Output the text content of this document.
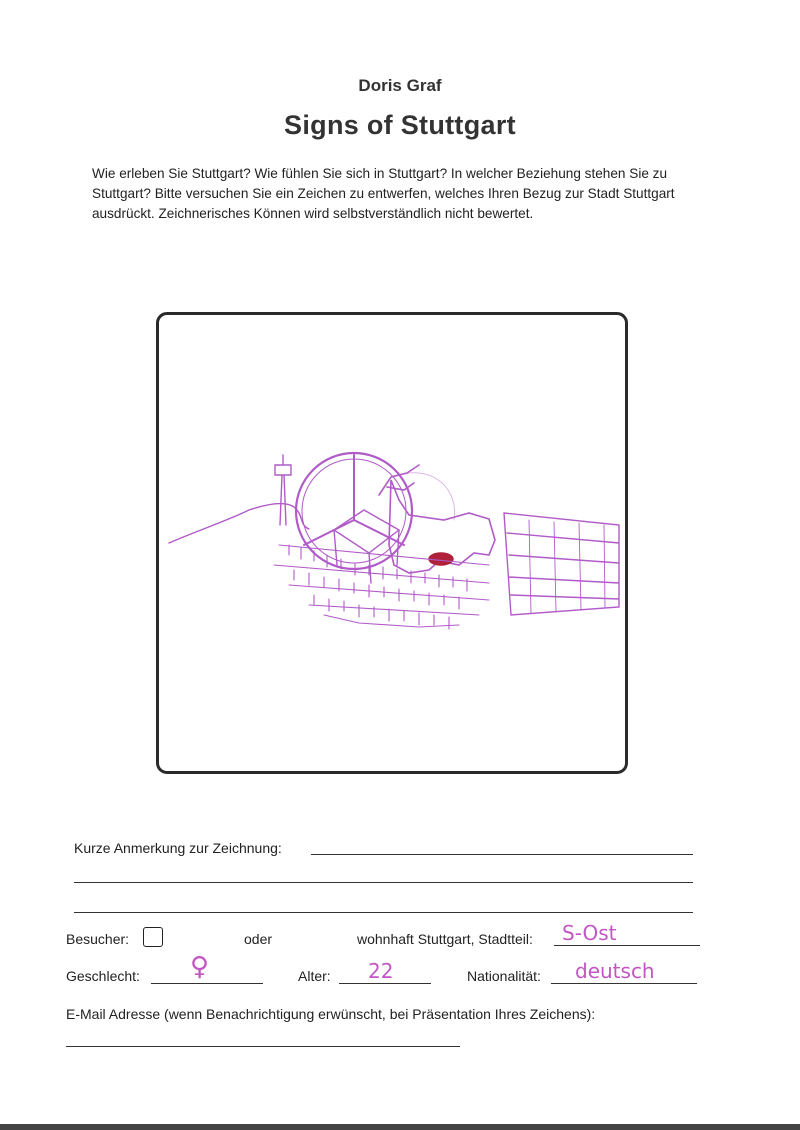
Doris Graf
Signs of Stuttgart
Wie erleben Sie Stuttgart? Wie fühlen Sie sich in Stuttgart? In welcher Beziehung stehen Sie zu Stuttgart? Bitte versuchen Sie ein Zeichen zu entwerfen, welches Ihren Bezug zur Stadt Stuttgart ausdrückt. Zeichnerisches Können wird selbstverständlich nicht bewertet.
Kurze Anmerkung zur Zeichnung:
Besucher:	oder	wohnhaft Stuttgart, Stadtteil: S-Ost
Geschlecht: ♀	Alter: 22	Nationalität: deutsch
E-Mail Adresse (wenn Benachrichtigung erwünscht, bei Präsentation Ihres Zeichens):
